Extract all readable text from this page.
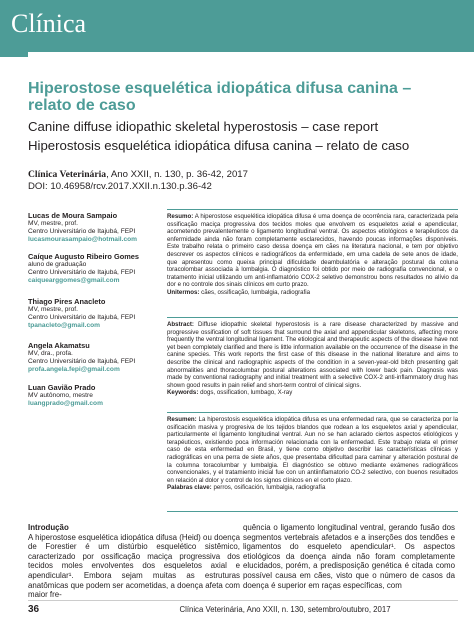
Clínica
Hiperostose esquelética idiopática difusa canina – relato de caso
Canine diffuse idiopathic skeletal hyperostosis – case report
Hiperostosis esquelética idiopática difusa canina – relato de caso
Clínica Veterinária, Ano XXII, n. 130, p. 36-42, 2017
DOI: 10.46958/rcv.2017.XXII.n.130.p.36-42
Lucas de Moura Sampaio
MV, mestre, prof.
Centro Universitário de Itajubá, FEPI
lucasmourasampaio@hotmail.com
Caíque Augusto Ribeiro Gomes
aluno de graduação
Centro Universitário de Itajubá, FEPI
caiquearggomes@gmail.com
Thiago Pires Anacleto
MV, mestre, prof.
Centro Universitário de Itajubá, FEPI
tpanacleto@gmail.com
Angela Akamatsu
MV, dra., profa.
Centro Universitário de Itajubá, FEPI
profa.angela.fepi@gmail.com
Luan Gavião Prado
MV autônomo, mestre
luangprado@gmail.com
Resumo: A hiperostose esquelética idiopática difusa é uma doença de ocorrência rara, caracterizada pela ossificação maciça progressiva dos tecidos moles que envolvem os esqueletos axial e apendicular, acometendo prevalentemente o ligamento longitudinal ventral. Os aspectos etiológicos e terapêuticos da enfermidade ainda não foram completamente esclarecidos, havendo poucas informações disponíveis. Este trabalho relata o primeiro caso dessa doença em cães na literatura nacional, e tem por objetivo descrever os aspectos clínicos e radiográficos da enfermidade, em uma cadela de sete anos de idade, que apresentou como queixa principal dificuldade deambulatória e alteração postural da coluna toracolombar associada à lombalgia. O diagnóstico foi obtido por meio de radiografia convencional, e o tratamento inicial utilizando um anti-inflamatório COX-2 seletivo demonstrou bons resultados no alívio da dor e no controle dos sinais clínicos em curto prazo.
Unitermos: cães, ossificação, lumbalgia, radiografia
Abstract: Diffuse idiopathic skeletal hyperostosis is a rare disease characterized by massive and progressive ossification of soft tissues that surround the axial and appendicular skeletons, affecting more frequently the ventral longitudinal ligament. The etiological and therapeutic aspects of the disease have not yet been completely clarified and there is little information available on the occurrence of the disease in the canine species. This work reports the first case of this disease in the national literature and aims to describe the clinical and radiographic aspects of the condition in a seven-year-old bitch presenting gait abnormalities and thoracolumbar postural alterations associated with lower back pain. Diagnosis was made by conventional radiography and initial treatment with a selective COX-2 anti-inflammatory drug has shown good results in pain relief and short-term control of clinical signs.
Keywords: dogs, ossification, lumbago, X-ray
Resumen: La hiperostosis esquelética idiopática difusa es una enfermedad rara, que se caracteriza por la osificación masiva y progresiva de los tejidos blandos que rodean a los esqueletos axial y apendicular, particularmente el ligamento longitudinal ventral. Aun no se han aclarado ciertos aspectos etiológicos y terapéuticos, existiendo poca información relacionada con la enfermedad. Este trabajo relata el primer caso de esta enfermedad en Brasil, y tiene como objetivo describir las características clínicas y radiográficas en una perra de siete años, que presentaba dificultad para caminar y alteración postural de la columna toracolumbar y lumbalgia. El diagnóstico se obtuvo mediante exámenes radiográficos convencionales, y el tratamiento inicial fue con un antiinflamatorio CO-2 selectivo, con buenos resultados en relación al dolor y control de los signos clínicos en el corto plazo.
Palabras clave: perros, osificación, lumbalgia, radiografía
Introdução
A hiperostose esquelética idiopática difusa (Heid) ou doença de Forestier é um distúrbio esquelético sistêmico, caracterizado por ossificação maciça progressiva dos tecidos moles envolventes dos esqueletos axial e apendicular¹. Embora sejam muitas as estruturas anatômicas que podem ser acometidas, a doença afeta com maior fre-
quência o ligamento longitudinal ventral, gerando fusão dos segmentos vertebrais afetados e a inserções dos tendões e ligamentos do esqueleto apendicular¹. Os aspectos etiológicos da doença ainda não foram completamente elucidados, porém, a predisposição genética é citada como possível causa em cães, visto que o número de casos da doença é superior em raças específicas, com
36	Clínica Veterinária, Ano XXII, n. 130, setembro/outubro, 2017
